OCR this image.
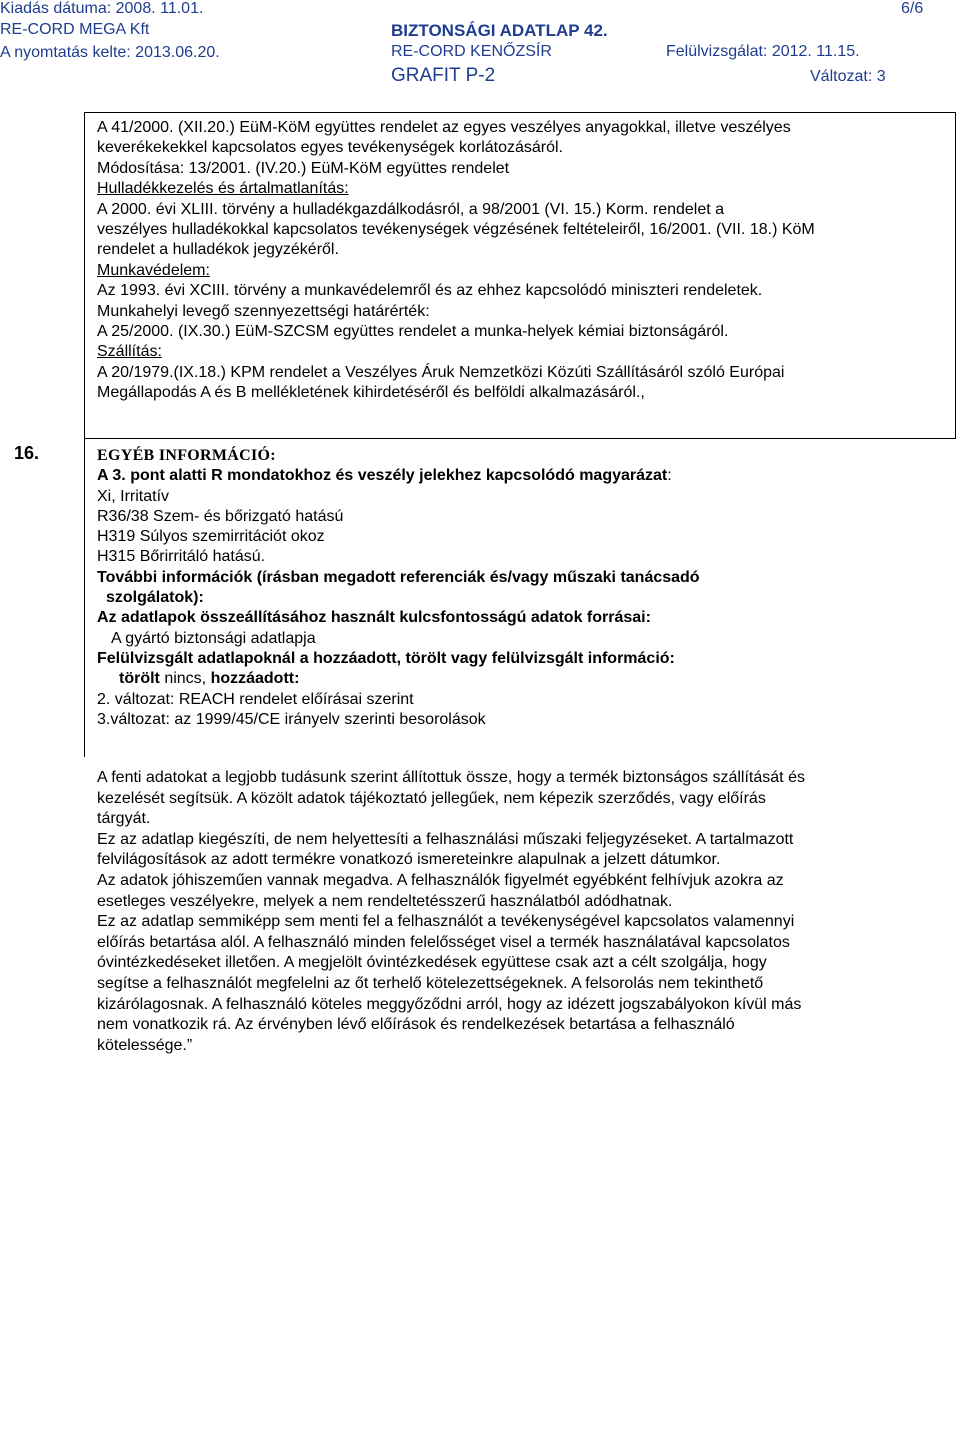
Kiadás dátuma: 2008. 11.01.
RE-CORD MEGA Kft
A nyomtatás kelte: 2013.06.20.
BIZTONSÁGI ADATLAP 42.
RE-CORD KENŐZSÍR
GRAFIT P-2
6/6
Felülvizsgálat: 2012. 11.15.
Változat: 3
A 41/2000. (XII.20.) EüM-KöM együttes rendelet az egyes veszélyes anyagokkal, illetve veszélyes
keverékekekkel kapcsolatos egyes tevékenységek korlátozásáról.
Módosítása: 13/2001. (IV.20.) EüM-KöM együttes rendelet
Hulladékkezelés és ártalmatlanítás:
A 2000. évi XLIII. törvény a hulladékgazdálkodásról, a 98/2001 (VI. 15.) Korm. rendelet a
veszélyes hulladékokkal kapcsolatos tevékenységek végzésének feltételeiről, 16/2001. (VII. 18.) KöM
rendelet a hulladékok jegyzékéről.
Munkavédelem:
Az 1993. évi XCIII. törvény a munkavédelemről és az ehhez kapcsolódó miniszteri rendeletek.
Munkahelyi levegő szennyezettségi határérték:
A 25/2000. (IX.30.) EüM-SZCSM együttes rendelet a munka-helyek kémiai biztonságáról.
Szállítás:
A 20/1979.(IX.18.) KPM rendelet a Veszélyes Áruk Nemzetközi Közúti Szállításáról szóló Európai
Megállapodás A és B mellékletének kihirdetéséről és belföldi alkalmazásáról.,
16.	EGYÉB INFORMÁCIÓ:
A 3. pont alatti R mondatokhoz és veszély jelekhez kapcsolódó magyarázat:
Xi, Irritatív
R36/38 Szem- és bőrizgató hatású
H319 Súlyos szemirritációt okoz
H315 Bőrirritáló hatású.
További információk (írásban megadott referenciák és/vagy műszaki tanácsadó
szolgálatok):
Az adatlapok összeállításához használt kulcsfontosságú adatok forrásai:
A gyártó biztonsági adatlapja
Felülvizsgált adatlapoknál a hozzáadott, törölt vagy felülvizsgált információ:
törölt nincs, hozzáadott:
2. változat: REACH rendelet előírásai szerint
3.változat: az 1999/45/CE irányelv szerinti besorolások
A fenti adatokat a legjobb tudásunk szerint állítottuk össze, hogy a termék biztonságos szállítását és
kezelését segítsük. A közölt adatok tájékoztató jellegűek, nem képezik szerződés, vagy előírás
tárgyát.
Ez az adatlap kiegészíti, de nem helyettesíti a felhasználási műszaki feljegyzéseket. A tartalmazott
felvilágosítások az adott termékre vonatkozó ismereteinkre alapulnak a jelzett dátumkor.
Az adatok jóhiszeműen vannak megadva. A felhasználók figyelmét egyébként felhívjuk azokra az
esetleges veszélyekre, melyek a nem rendeltetésszerű használatból adódhatnak.
Ez az adatlap semmiképp sem menti fel a felhasználót a tevékenységével kapcsolatos valamennyi
előírás betartása alól. A felhasználó minden felelősséget visel a termék használatával kapcsolatos
óvintézkedéseket illetően. A megjelölt óvintézkedések együttese csak azt a célt szolgálja, hogy
segítse a felhasználót megfelelni az őt terhelő kötelezettségeknek. A felsorolás nem tekinthető
kizárólagosnak. A felhasználó köteles meggyőződni arról, hogy az idézett jogszabályokon kívül más
nem vonatkozik rá. Az érvényben lévő előírások és rendelkezések betartása a felhasználó
kötelessége.”
